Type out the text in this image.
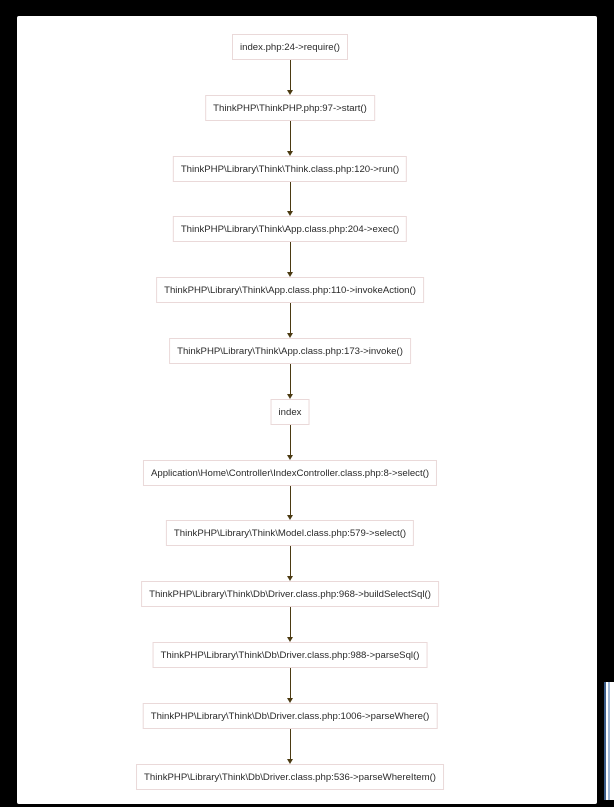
index.php:24->require()
ThinkPHP\ThinkPHP.php:97->start()
ThinkPHP\Library\Think\Think.class.php:120->run()
ThinkPHP\Library\Think\App.class.php:204->exec()
ThinkPHP\Library\Think\App.class.php:110->invokeAction()
ThinkPHP\Library\Think\App.class.php:173->invoke()
index
Application\Home\Controller\IndexController.class.php:8->select()
ThinkPHP\Library\Think\Model.class.php:579->select()
ThinkPHP\Library\Think\Db\Driver.class.php:968->buildSelectSql()
ThinkPHP\Library\Think\Db\Driver.class.php:988->parseSql()
ThinkPHP\Library\Think\Db\Driver.class.php:1006->parseWhere()
ThinkPHP\Library\Think\Db\Driver.class.php:536->parseWhereItem()
